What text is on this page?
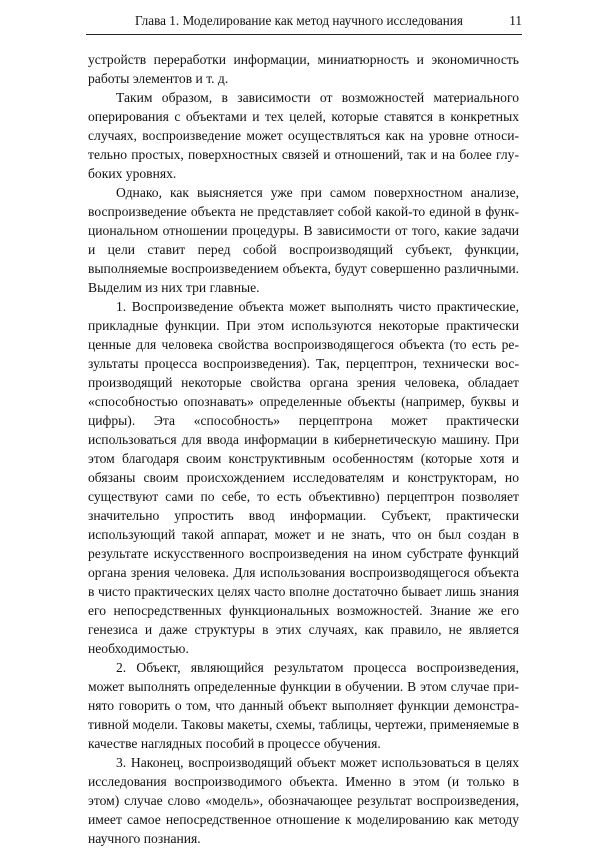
Глава 1. Моделирование как метод научного исследования	11

устройств переработки информации, миниатюрность и экономичность работы элементов и т. д.

Таким образом, в зависимости от возможностей материального оперирования с объектами и тех целей, которые ставятся в конкретных случаях, воспроизведение может осуществляться как на уровне относительно простых, поверхностных связей и отношений, так и на более глубоких уровнях.

Однако, как выясняется уже при самом поверхностном анализе, воспроизведение объекта не представляет собой какой-то единой в функциональном отношении процедуры. В зависимости от того, какие задачи и цели ставит перед собой воспроизводящий субъект, функции, выполняемые воспроизведением объекта, будут совершенно различными. Выделим из них три главные.

1. Воспроизведение объекта может выполнять чисто практические, прикладные функции. При этом используются некоторые практически ценные для человека свойства воспроизводящегося объекта (то есть результаты процесса воспроизведения). Так, перцептрон, технически воспроизводящий некоторые свойства органа зрения человека, обладает «способностью опознавать» определенные объекты (например, буквы и цифры). Эта «способность» перцептрона может практически использоваться для ввода информации в кибернетическую машину. При этом благодаря своим конструктивным особенностям (которые хотя и обязаны своим происхождением исследователям и конструкторам, но существуют сами по себе, то есть объективно) перцептрон позволяет значительно упростить ввод информации. Субъект, практически использующий такой аппарат, может и не знать, что он был создан в результате искусственного воспроизведения на ином субстрате функций органа зрения человека. Для использования воспроизводящегося объекта в чисто практических целях часто вполне достаточно бывает лишь знания его непосредственных функциональных возможностей. Знание же его генезиса и даже структуры в этих случаях, как правило, не является необходимостью.

2. Объект, являющийся результатом процесса воспроизведения, может выполнять определенные функции в обучении. В этом случае принято говорить о том, что данный объект выполняет функции демонстративной модели. Таковы макеты, схемы, таблицы, чертежи, применяемые в качестве наглядных пособий в процессе обучения.

3. Наконец, воспроизводящий объект может использоваться в целях исследования воспроизводимого объекта. Именно в этом (и только в этом) случае слово «модель», обозначающее результат воспроизведения, имеет самое непосредственное отношение к моделированию как методу научного познания.
